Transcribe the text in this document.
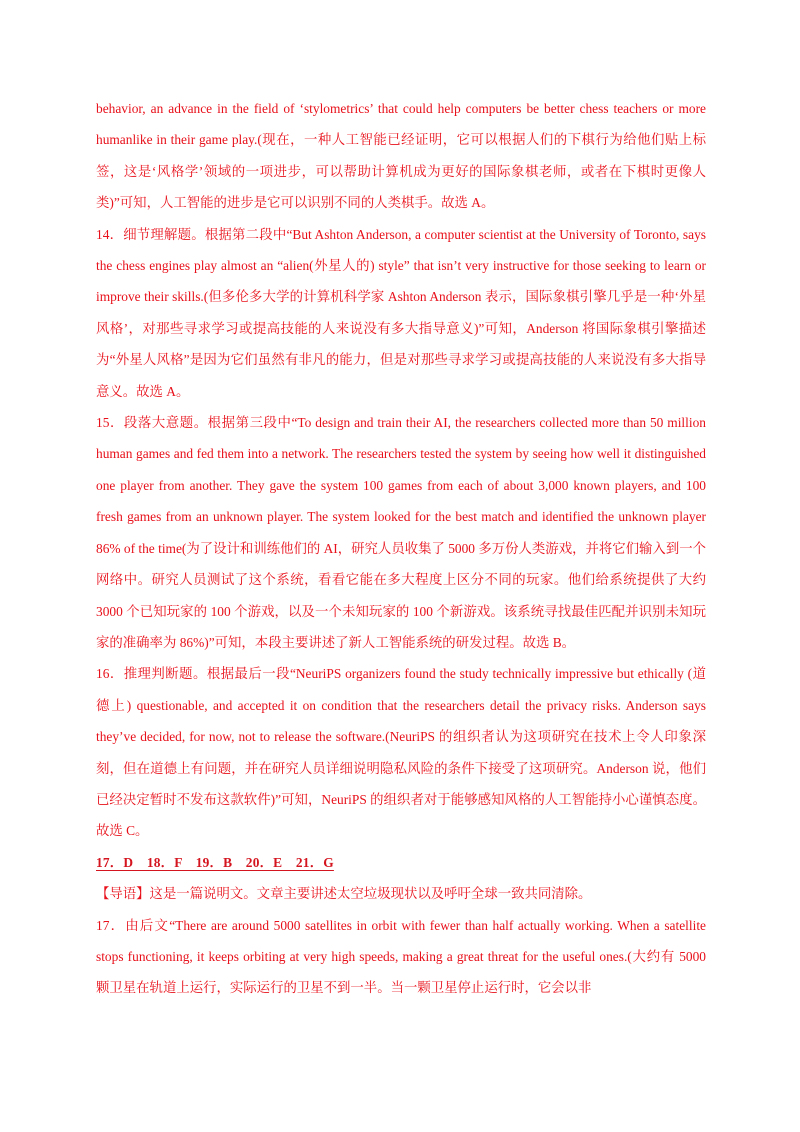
behavior, an advance in the field of ‘stylometrics’ that could help computers be better chess teachers or more humanlike in their game play.(现在，一种人工智能已经证明，它可以根据人们的下棋行为给他们贴上标签，这是‘风格学’领域的一项进步，可以帮助计算机成为更好的国际象棋老师，或者在下棋时更像人类)”可知，人工智能的进步是它可以识别不同的人类棋手。故选 A。

14．细节理解题。根据第二段中“But Ashton Anderson, a computer scientist at the University of Toronto, says the chess engines play almost an “alien(外星人的) style” that isn’t very instructive for those seeking to learn or improve their skills.(但多伦多大学的计算机科学家 Ashton Anderson 表示，国际象棋引擎几乎是一种‘外星风格’，对那些寻求学习或提高技能的人来说没有多大指导意义)”可知，Anderson 将国际象棋引擎描述为“外星人风格”是因为它们虽然有非凡的能力，但是对那些寻求学习或提高技能的人来说没有多大指导意义。故选 A。

15．段落大意题。根据第三段中“To design and train their AI, the researchers collected more than 50 million human games and fed them into a network. The researchers tested the system by seeing how well it distinguished one player from another. They gave the system 100 games from each of about 3,000 known players, and 100 fresh games from an unknown player. The system looked for the best match and identified the unknown player 86% of the time(为了设计和训练他们的 AI，研究人员收集了 5000 多万份人类游戏，并将它们输入到一个网络中。研究人员测试了这个系统，看看它能在多大程度上区分不同的玩家。他们给系统提供了大约 3000 个已知玩家的 100 个游戏，以及一个未知玩家的 100 个新游戏。该系统寻找最佳匹配并识别未知玩家的准确率为 86%)”可知，本段主要讲述了新人工智能系统的研发过程。故选 B。

16．推理判断题。根据最后一段“NeuriPS organizers found the study technically impressive but ethically (道德上) questionable, and accepted it on condition that the researchers detail the privacy risks. Anderson says they’ve decided, for now, not to release the software.(NeuriPS 的组织者认为这项研究在技术上令人印象深刻，但在道德上有问题，并在研究人员详细说明隐私风险的条件下接受了这项研究。Anderson 说，他们已经决定暂时不发布这款软件)”可知，NeuriPS 的组织者对于能够感知风格的人工智能持小心谨慎态度。故选 C。

17．D　18．F　19．B　20．E　21．G

【导语】这是一篇说明文。文章主要讲述太空垃圾现状以及呼吁全球一致共同清除。

17．由后文“There are around 5000 satellites in orbit with fewer than half actually working. When a satellite stops functioning, it keeps orbiting at very high speeds, making a great threat for the useful ones.(大约有 5000 颗卫星在轨道上运行，实际运行的卫星不到一半。当一颗卫星停止运行时，它会以非
